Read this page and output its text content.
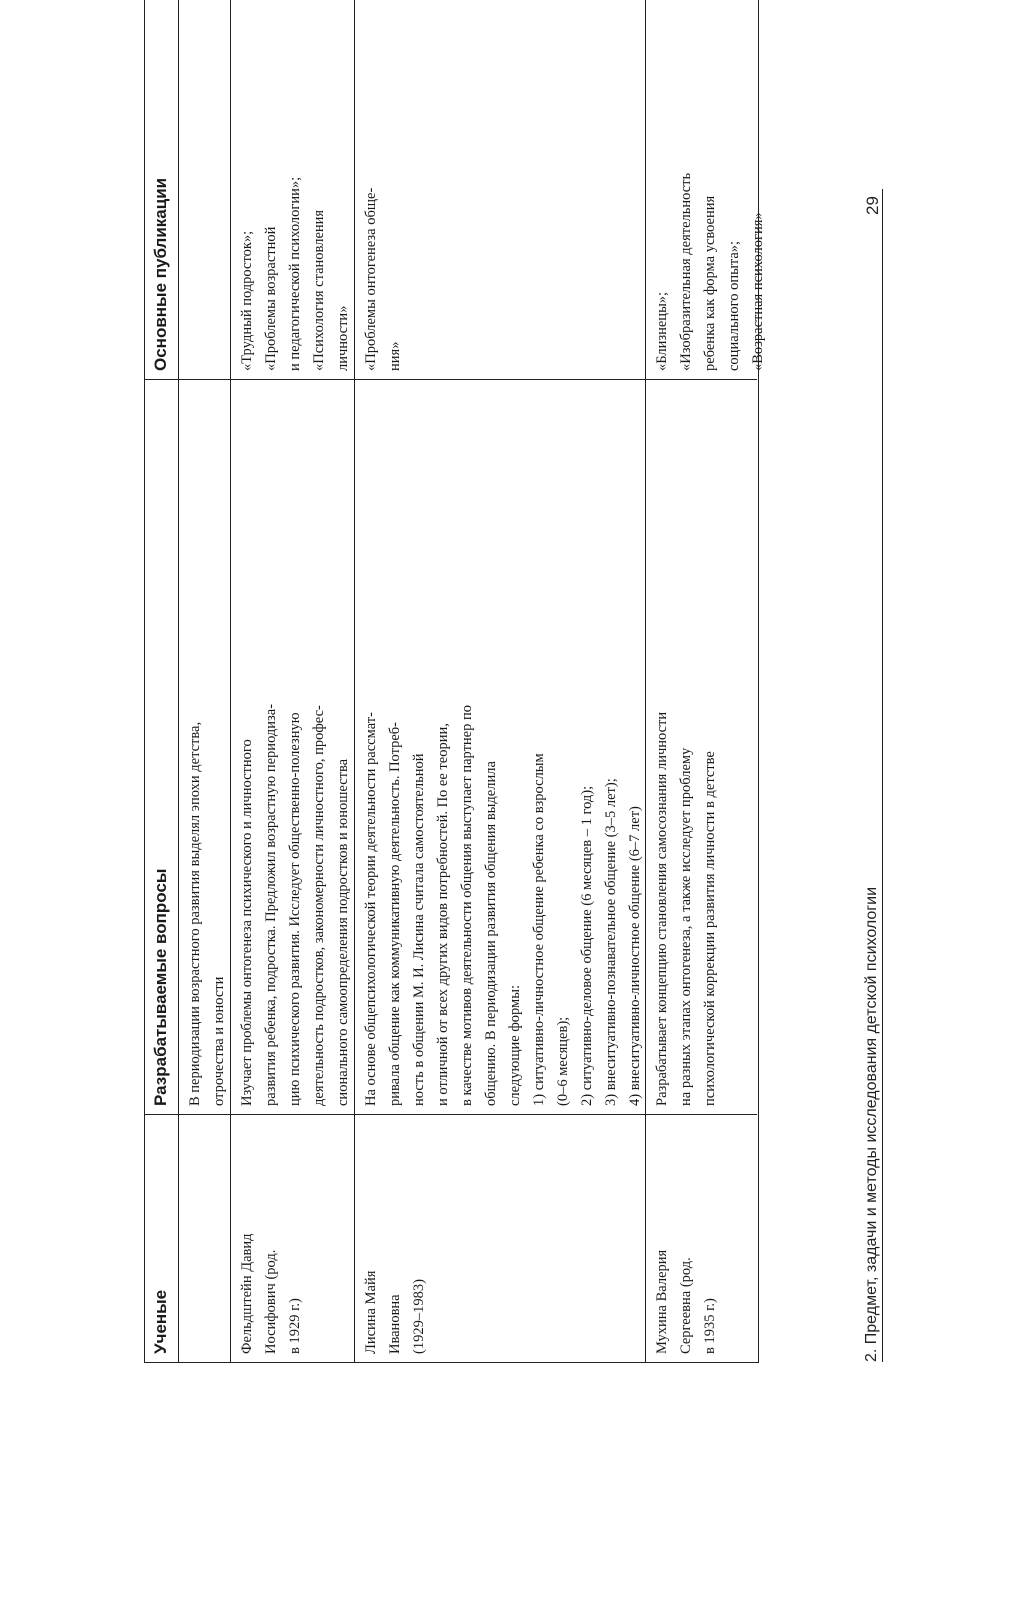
2. Предмет, задачи и методы исследования детской психологии
29
Ученые
Разрабатываемые вопросы
Основные публикации
В периодизации возрастного развития выделял эпохи детства,
отрочества и юности
Фельдштейн Давид
Иосифович (род.
в 1929 г.)
Изучает проблемы онтогенеза психического и личностного
развития ребенка, подростка. Предложил возрастную периодиза-
цию психического развития. Исследует общественно-полезную
деятельность подростков, закономерности личностного, профес-
сионального самоопределения подростков и юношества
«Трудный подросток»;
«Проблемы возрастной
и педагогической психологии»;
«Психология становления
личности»
Лисина Майя
Ивановна
(1929–1983)
На основе общепсихологической теории деятельности рассмат-
ривала общение как коммуникативную деятельность. Потреб-
ность в общении М. И. Лисина считала самостоятельной
и отличной от всех других видов потребностей. По ее теории,
в качестве мотивов деятельности общения выступает партнер по
общению. В периодизации развития общения выделила
следующие формы:
1) ситуативно-личностное общение ребенка со взрослым
(0–6 месяцев);
2) ситуативно-деловое общение (6 месяцев – 1 год);
3) внеситуативно-познавательное общение (3–5 лет);
4) внеситуативно-личностное общение (6–7 лет)
«Проблемы онтогенеза обще-
ния»
Мухина Валерия
Сергеевна (род.
в 1935 г.)
Разрабатывает концепцию становления самосознания личности
на разных этапах онтогенеза, а также исследует проблему
психологической коррекции развития личности в детстве
«Близнецы»;
«Изобразительная деятельность
ребенка как форма усвоения
социального опыта»;
«Возрастная психология»
